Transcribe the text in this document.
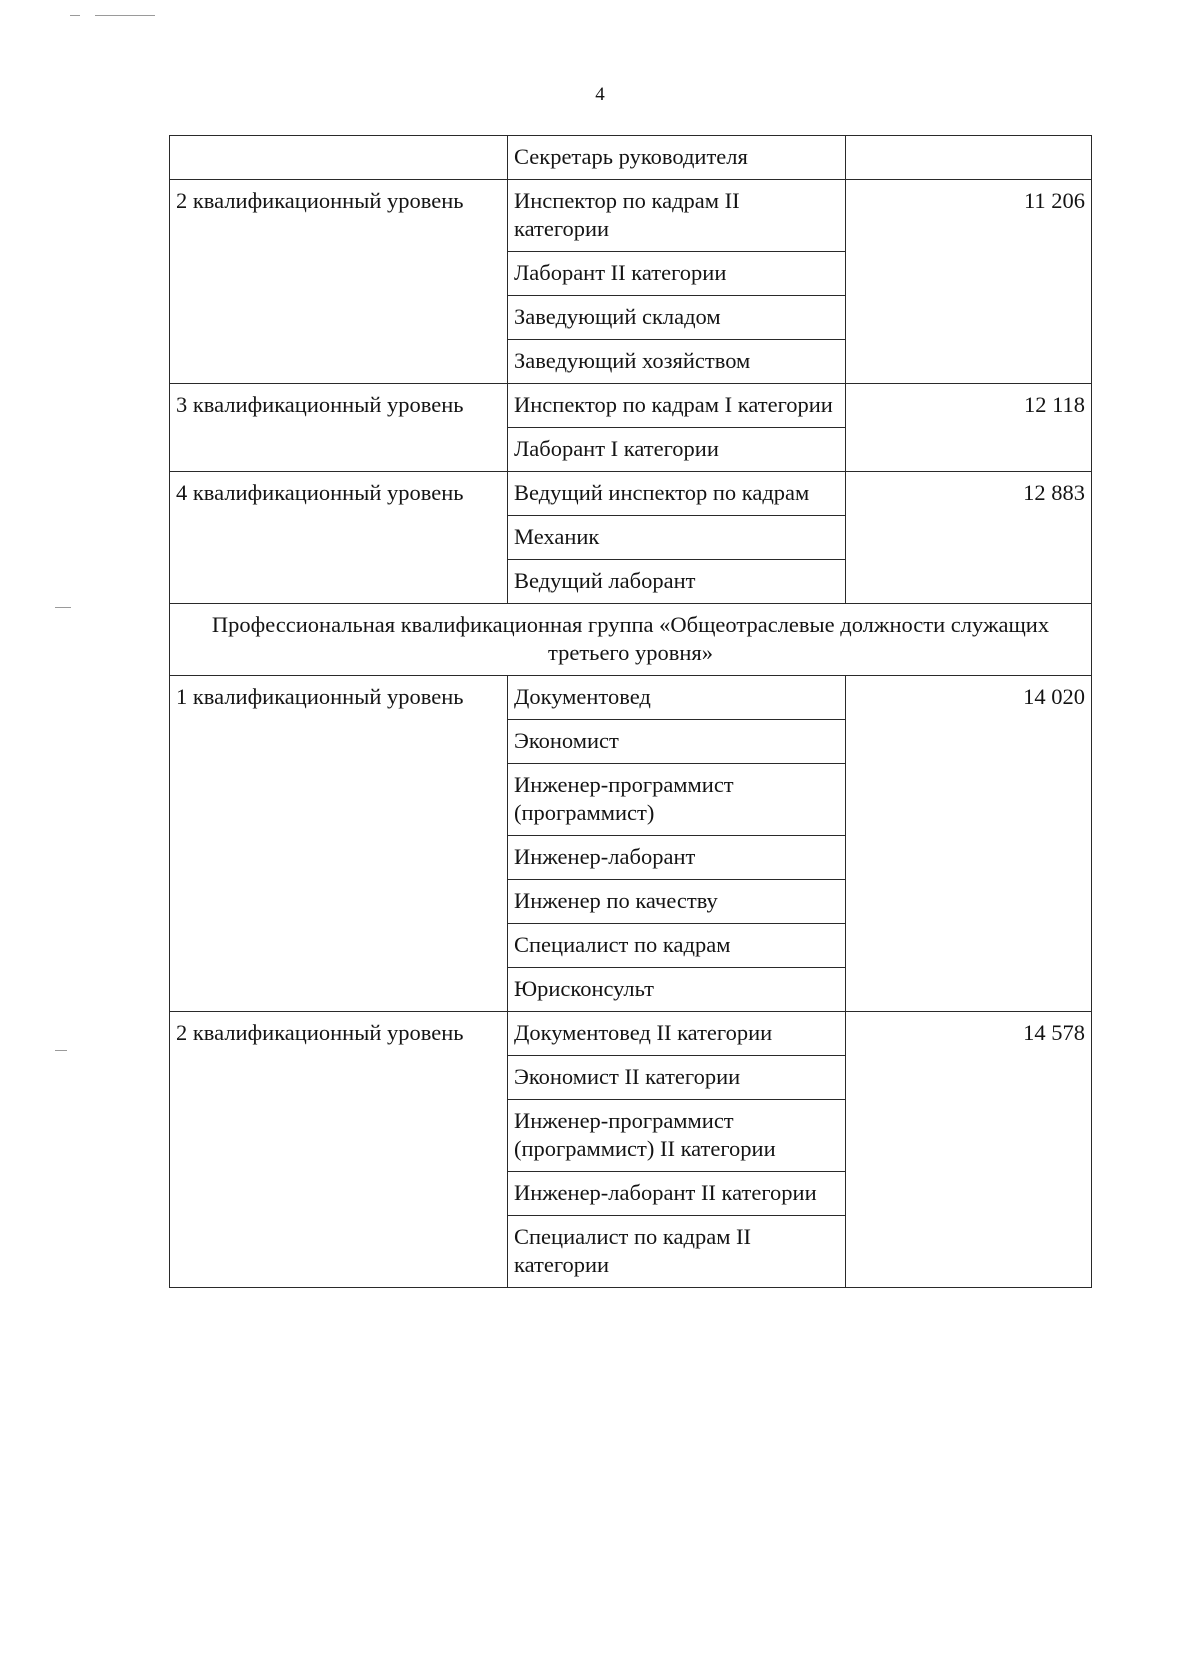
4
	Секретарь руководителя	
2 квалификационный уровень	Инспектор по кадрам II категории	11 206
	Лаборант II категории	
	Заведующий складом	
	Заведующий хозяйством	
3 квалификационный уровень	Инспектор по кадрам I категории	12 118
	Лаборант I категории	
4 квалификационный уровень	Ведущий инспектор по кадрам	12 883
	Механик	
	Ведущий лаборант	
Профессиональная квалификационная группа «Общеотраслевые должности служащих третьего уровня»		
1 квалификационный уровень	Документовед	14 020
	Экономист	
	Инженер-программист (программист)	
	Инженер-лаборант	
	Инженер по качеству	
	Специалист по кадрам	
	Юрисконсульт	
2 квалификационный уровень	Документовед II категории	14 578
	Экономист II категории	
	Инженер-программист (программист) II категории	
	Инженер-лаборант II категории	
	Специалист по кадрам II категории	
